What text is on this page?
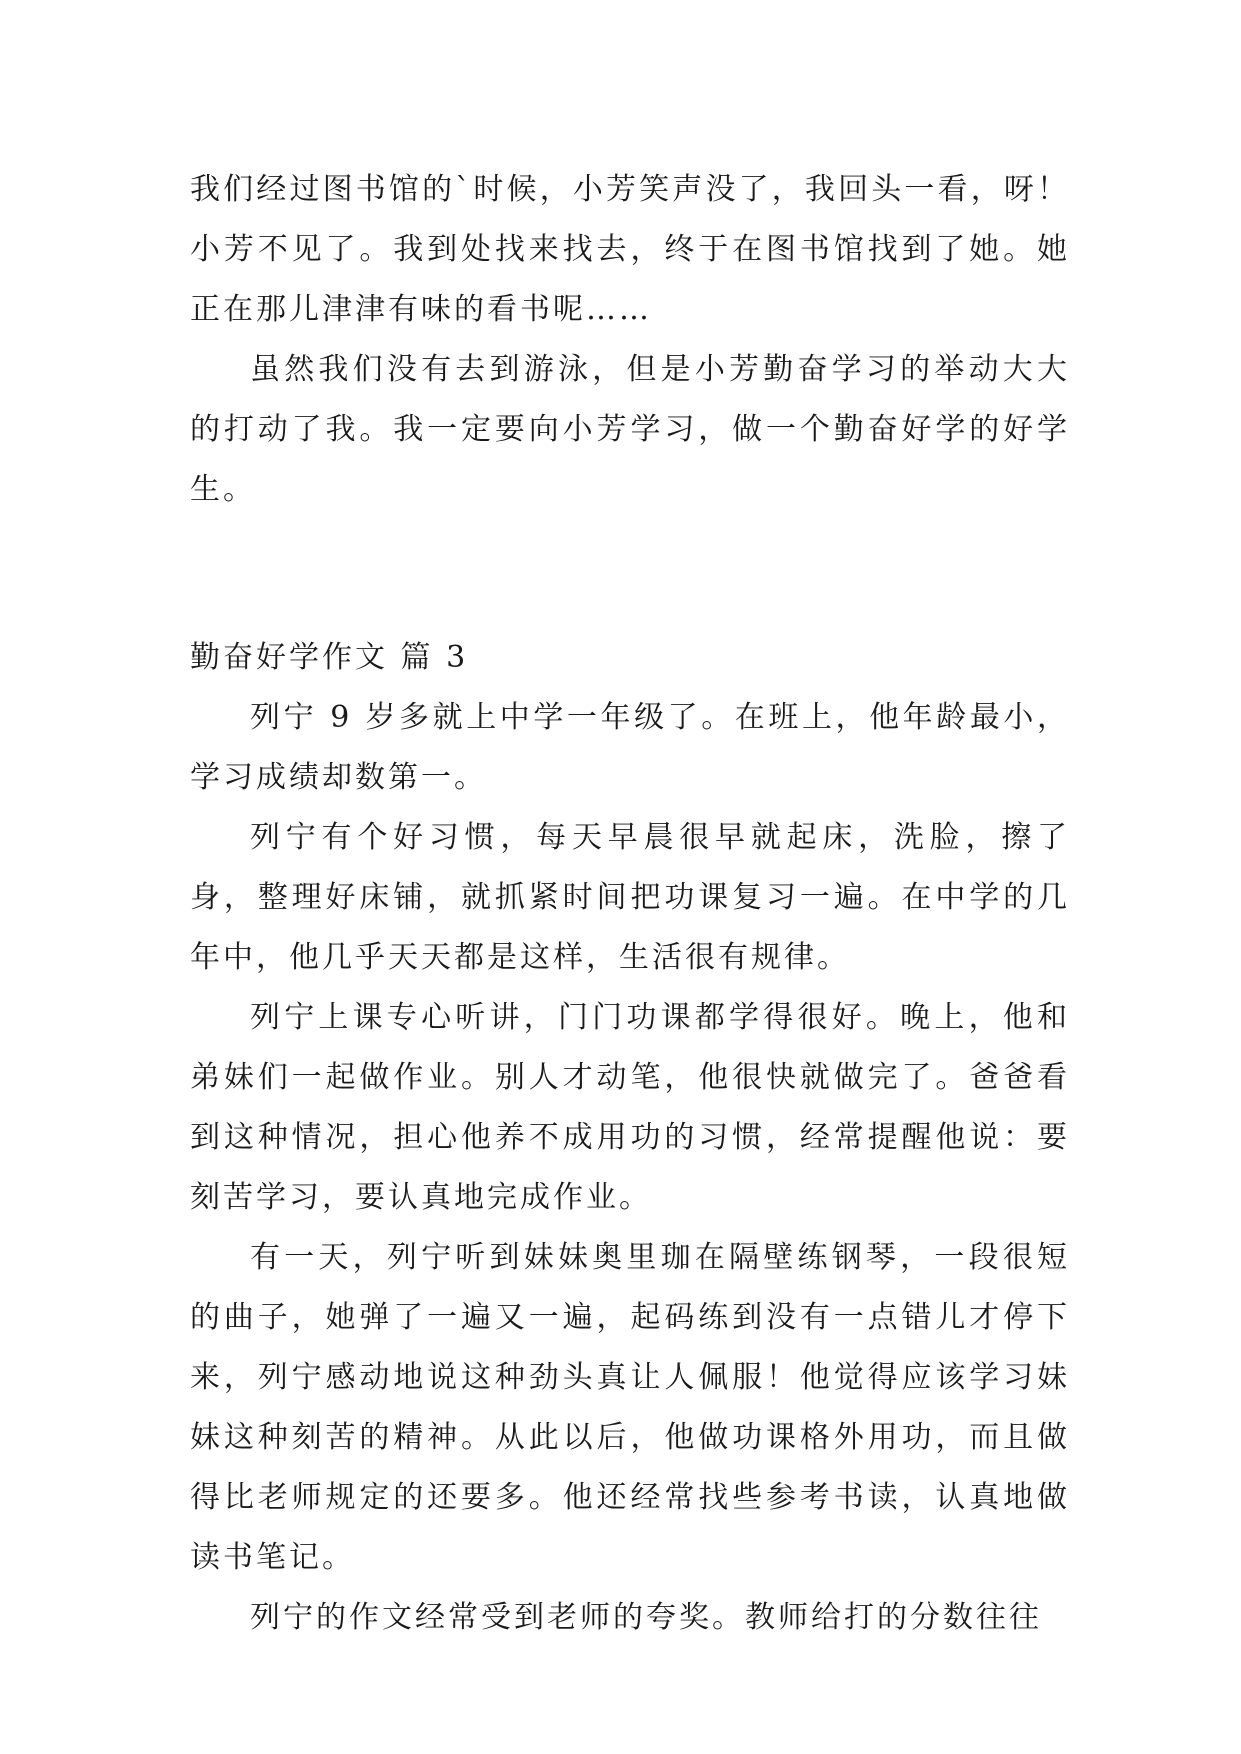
我们经过图书馆的`时候，小芳笑声没了，我回头一看，呀！小芳不见了。我到处找来找去，终于在图书馆找到了她。她正在那儿津津有味的看书呢……

虽然我们没有去到游泳，但是小芳勤奋学习的举动大大的打动了我。我一定要向小芳学习，做一个勤奋好学的好学生。

勤奋好学作文 篇 3

列宁 9 岁多就上中学一年级了。在班上，他年龄最小，学习成绩却数第一。

列宁有个好习惯，每天早晨很早就起床，洗脸，擦了身，整理好床铺，就抓紧时间把功课复习一遍。在中学的几年中，他几乎天天都是这样，生活很有规律。

列宁上课专心听讲，门门功课都学得很好。晚上，他和弟妹们一起做作业。别人才动笔，他很快就做完了。爸爸看到这种情况，担心他养不成用功的习惯，经常提醒他说：要刻苦学习，要认真地完成作业。

有一天，列宁听到妹妹奥里珈在隔壁练钢琴，一段很短的曲子，她弹了一遍又一遍，起码练到没有一点错儿才停下来，列宁感动地说这种劲头真让人佩服！他觉得应该学习妹妹这种刻苦的精神。从此以后，他做功课格外用功，而且做得比老师规定的还要多。他还经常找些参考书读，认真地做读书笔记。

列宁的作文经常受到老师的夸奖。教师给打的分数往往
